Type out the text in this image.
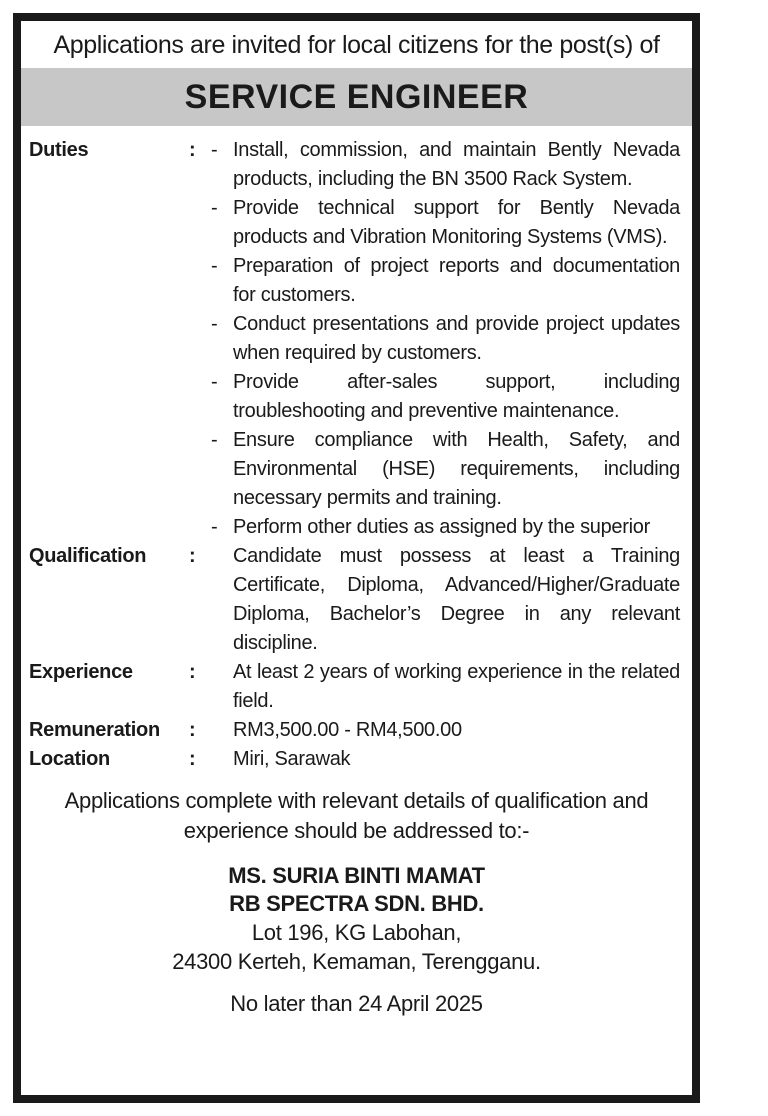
Applications are invited for local citizens for the post(s) of
SERVICE ENGINEER
Duties	: - Install, commission, and maintain Bently Nevada products, including the BN 3500 Rack System.
- Provide technical support for Bently Nevada products and Vibration Monitoring Systems (VMS).
- Preparation of project reports and documentation for customers.
- Conduct presentations and provide project updates when required by customers.
- Provide after-sales support, including troubleshooting and preventive maintenance.
- Ensure compliance with Health, Safety, and Environmental (HSE) requirements, including necessary permits and training.
- Perform other duties as assigned by the superior
Qualification	:	Candidate must possess at least a Training Certificate, Diploma, Advanced/Higher/Graduate Diploma, Bachelor’s Degree in any relevant discipline.
Experience	:	At least 2 years of working experience in the related field.
Remuneration	:	RM3,500.00 - RM4,500.00
Location	:	Miri, Sarawak
Applications complete with relevant details of qualification and experience should be addressed to:-
MS. SURIA BINTI MAMAT
RB SPECTRA SDN. BHD.
Lot 196, KG Labohan,
24300 Kerteh, Kemaman, Terengganu.
No later than 24 April 2025
